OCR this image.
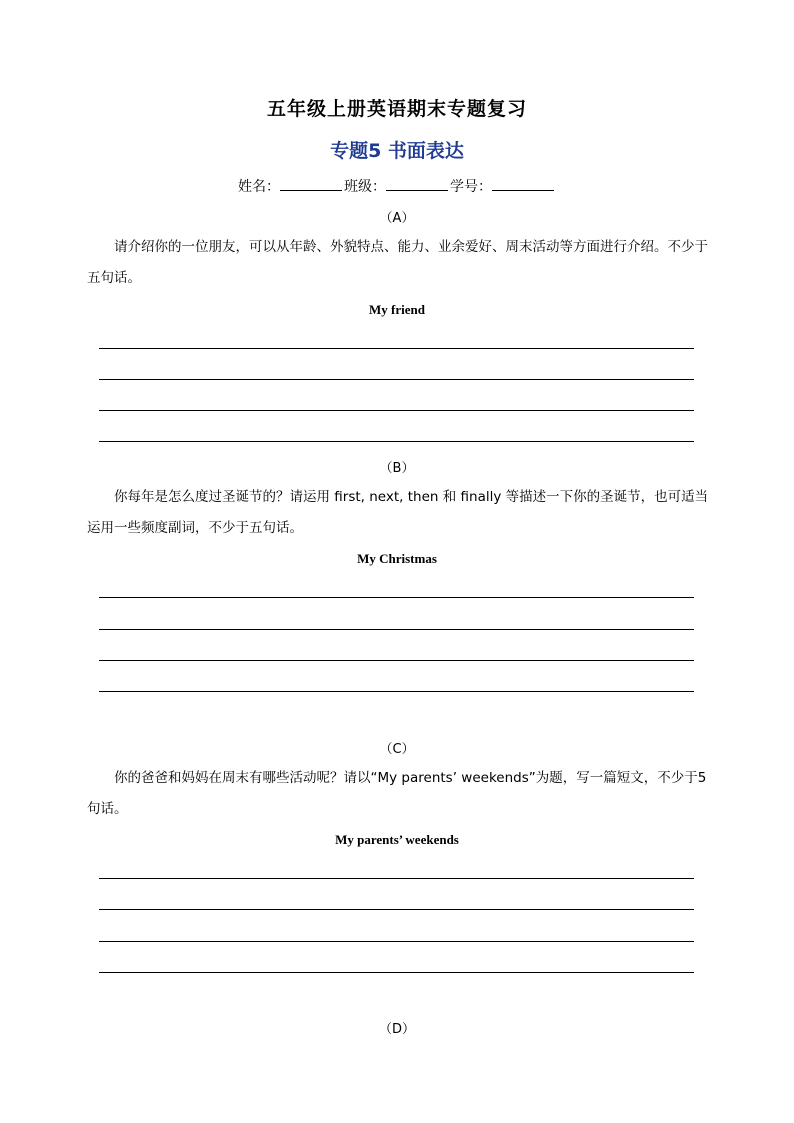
五年级上册英语期末专题复习
专题5 书面表达
姓名：	班级：	学号：
（A）
请介绍你的一位朋友，可以从年龄、外貌特点、能力、业余爱好、周末活动等方面进行介绍。不少于五句话。
My friend
（B）
你每年是怎么度过圣诞节的？请运用 first, next, then 和 finally 等描述一下你的圣诞节，也可适当运用一些频度副词，不少于五句话。
My Christmas
（C）
你的爸爸和妈妈在周末有哪些活动呢？请以“My parents’ weekends”为题，写一篇短文，不少于5句话。
My parents’ weekends
（D）
